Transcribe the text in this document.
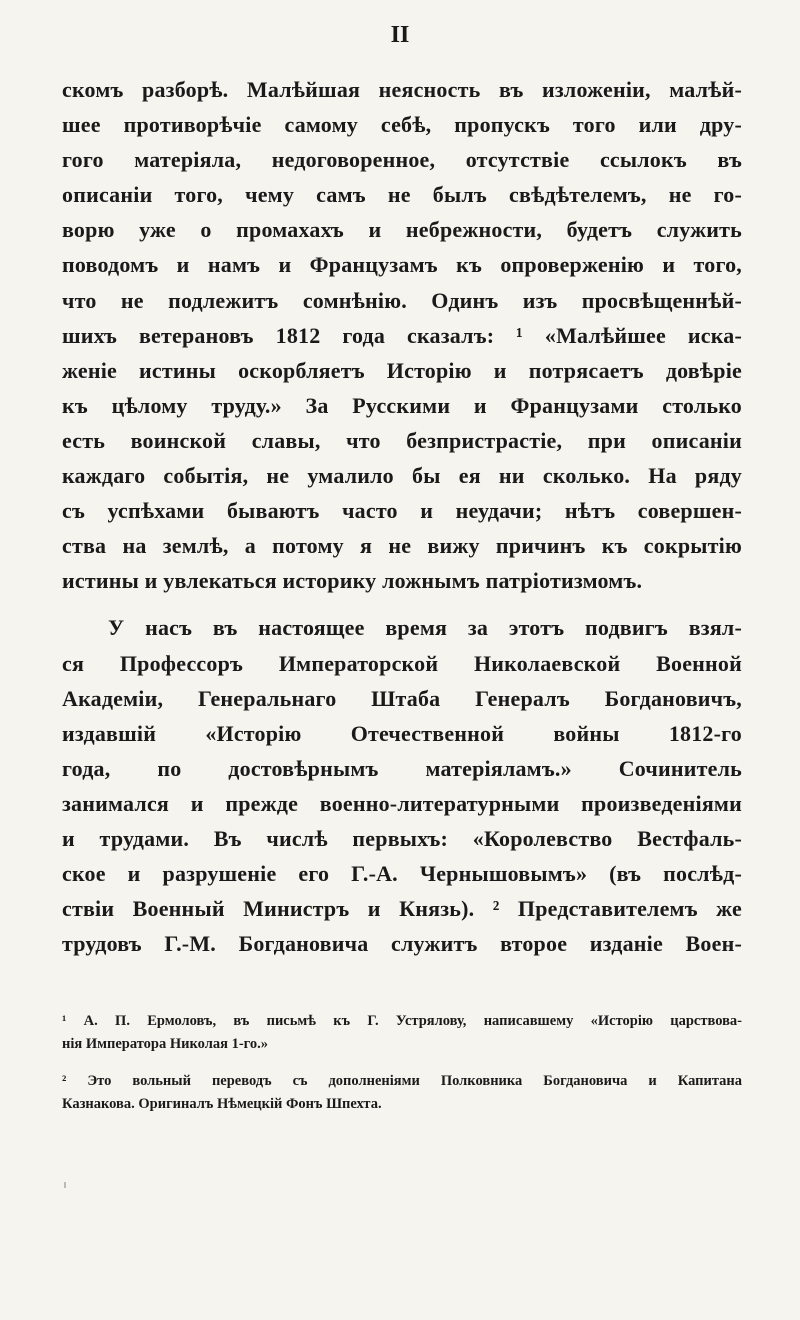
II
скомъ разборѣ. Малѣйшая неясность въ изложеніи, малѣй-
шее противорѣчіе самому себѣ, пропускъ того или дру-
гого матеріяла, недоговоренное, отсутствіе ссылокъ въ
описаніи того, чему самъ не былъ свѣдѣтелемъ, не го-
ворю уже о промахахъ и небрежности, будетъ служить
поводомъ и намъ и Французамъ къ опроверженію и того,
что не подлежитъ сомнѣнію. Одинъ изъ просвѣщеннѣй-
шихъ ветерановъ 1812 года сказалъ: ¹ «Малѣйшее иска-
женіе истины оскорбляетъ Исторію и потрясаетъ довѣріе
къ цѣлому труду.» За Русскими и Французами столько
есть воинской славы, что безпристрастіе, при описаніи
каждаго событія, не умалило бы ея ни сколько. На ряду
съ успѣхами бываютъ часто и неудачи; нѣтъ совершен-
ства на землѣ, а потому я не вижу причинъ къ сокрытію
истины и увлекаться историку ложнымъ патріотизмомъ.
У насъ въ настоящее время за этотъ подвигъ взял-
ся Профессоръ Императорской Николаевской Военной
Академіи, Генеральнаго Штаба Генералъ Богдановичъ,
издавшій «Исторію Отечественной войны 1812-го
года, по достовѣрнымъ матеріяламъ.» Сочинитель
занимался и прежде военно-литературными произведеніями
и трудами. Въ числѣ первыхъ: «Королевство Вестфаль-
ское и разрушеніе его Г.-А. Чернышовымъ» (въ послѣд-
ствіи Военный Министръ и Князь). ² Представителемъ же
трудовъ Г.-М. Богдановича служитъ второе изданіе Воен-
¹ А. П. Ермоловъ, въ письмѣ къ Г. Устрялову, написавшему «Исторію царствова-
нія Императора Николая 1-го.»
² Это вольный переводъ съ дополненіями Полковника Богдановича и Капитана
Казнакова. Оригиналъ Нѣмецкій Фонъ Шпехта.
